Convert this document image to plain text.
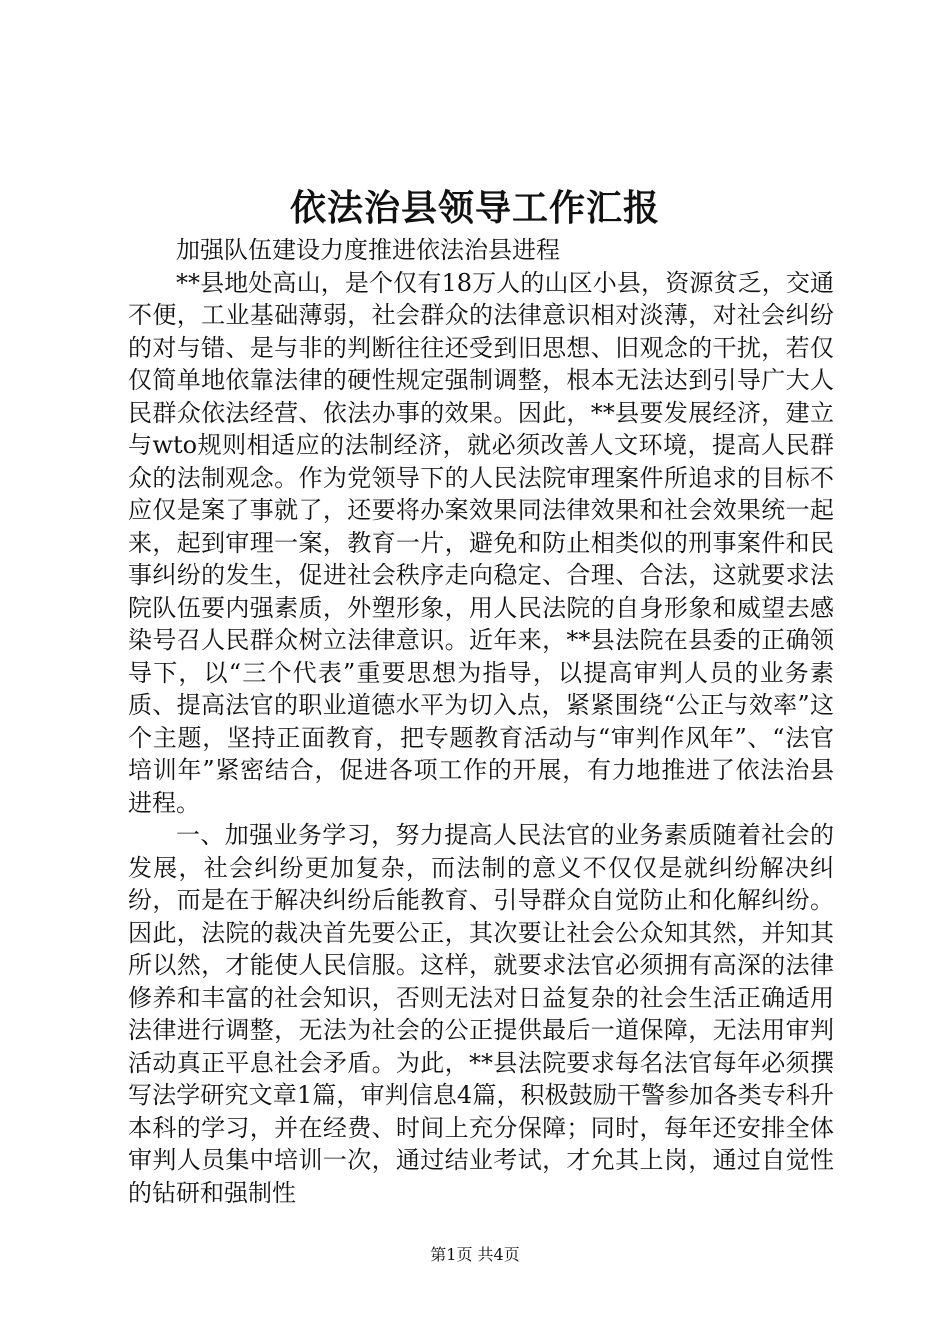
依法治县领导工作汇报

加强队伍建设力度推进依法治县进程

**县地处高山，是个仅有18万人的山区小县，资源贫乏，交通不便，工业基础薄弱，社会群众的法律意识相对淡薄，对社会纠纷的对与错、是与非的判断往往还受到旧思想、旧观念的干扰，若仅仅简单地依靠法律的硬性规定强制调整，根本无法达到引导广大人民群众依法经营、依法办事的效果。因此，**县要发展经济，建立与wto规则相适应的法制经济，就必须改善人文环境，提高人民群众的法制观念。作为党领导下的人民法院审理案件所追求的目标不应仅是案了事就了，还要将办案效果同法律效果和社会效果统一起来，起到审理一案，教育一片，避免和防止相类似的刑事案件和民事纠纷的发生，促进社会秩序走向稳定、合理、合法，这就要求法院队伍要内强素质，外塑形象，用人民法院的自身形象和威望去感染号召人民群众树立法律意识。近年来，**县法院在县委的正确领导下，以“三个代表”重要思想为指导，以提高审判人员的业务素质、提高法官的职业道德水平为切入点，紧紧围绕“公正与效率”这个主题，坚持正面教育，把专题教育活动与“审判作风年”、“法官培训年”紧密结合，促进各项工作的开展，有力地推进了依法治县进程。

一、加强业务学习，努力提高人民法官的业务素质随着社会的发展，社会纠纷更加复杂，而法制的意义不仅仅是就纠纷解决纠纷，而是在于解决纠纷后能教育、引导群众自觉防止和化解纠纷。因此，法院的裁决首先要公正，其次要让社会公众知其然，并知其所以然，才能使人民信服。这样，就要求法官必须拥有高深的法律修养和丰富的社会知识，否则无法对日益复杂的社会生活正确适用法律进行调整，无法为社会的公正提供最后一道保障，无法用审判活动真正平息社会矛盾。为此，**县法院要求每名法官每年必须撰写法学研究文章1篇，审判信息4篇，积极鼓励干警参加各类专科升本科的学习，并在经费、时间上充分保障；同时，每年还安排全体审判人员集中培训一次，通过结业考试，才允其上岗，通过自觉性的钻研和强制性

第1页 共4页
